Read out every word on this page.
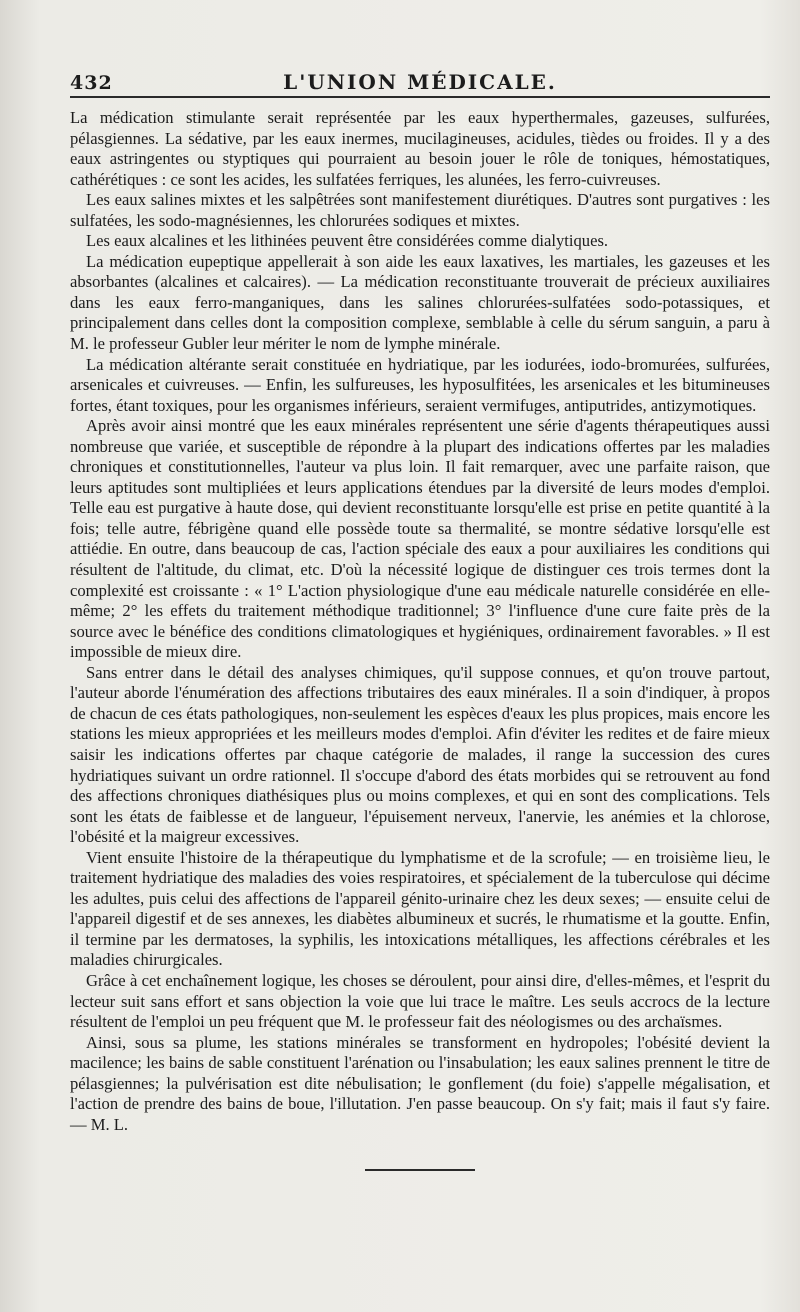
432	L'UNION MÉDICALE.

La médication stimulante serait représentée par les eaux hyperthermales, gazeuses, sulfurées, pélasgiennes. La sédative, par les eaux inermes, mucilagineuses, acidules, tièdes ou froides. Il y a des eaux astringentes ou styptiques qui pourraient au besoin jouer le rôle de toniques, hémostatiques, cathérétiques : ce sont les acides, les sulfatées ferriques, les alunées, les ferro-cuivreuses.

Les eaux salines mixtes et les salpêtrées sont manifestement diurétiques. D'autres sont purgatives : les sulfatées, les sodo-magnésiennes, les chlorurées sodiques et mixtes.

Les eaux alcalines et les lithinées peuvent être considérées comme dialytiques.

La médication eupeptique appellerait à son aide les eaux laxatives, les martiales, les gazeuses et les absorbantes (alcalines et calcaires). — La médication reconstituante trouverait de précieux auxiliaires dans les eaux ferro-manganiques, dans les salines chlorurées-sulfatées sodo-potassiques, et principalement dans celles dont la composition complexe, semblable à celle du sérum sanguin, a paru à M. le professeur Gubler leur mériter le nom de lymphe minérale.

La médication altérante serait constituée en hydriatique, par les iodurées, iodo-bromurées, sulfurées, arsenicales et cuivreuses. — Enfin, les sulfureuses, les hyposulfitées, les arsenicales et les bitumineuses fortes, étant toxiques, pour les organismes inférieurs, seraient vermifuges, antiputrides, antizymotiques.

Après avoir ainsi montré que les eaux minérales représentent une série d'agents thérapeutiques aussi nombreuse que variée, et susceptible de répondre à la plupart des indications offertes par les maladies chroniques et constitutionnelles, l'auteur va plus loin. Il fait remarquer, avec une parfaite raison, que leurs aptitudes sont multipliées et leurs applications étendues par la diversité de leurs modes d'emploi. Telle eau est purgative à haute dose, qui devient reconstituante lorsqu'elle est prise en petite quantité à la fois; telle autre, fébrigène quand elle possède toute sa thermalité, se montre sédative lorsqu'elle est attiédie. En outre, dans beaucoup de cas, l'action spéciale des eaux a pour auxiliaires les conditions qui résultent de l'altitude, du climat, etc. D'où la nécessité logique de distinguer ces trois termes dont la complexité est croissante : « 1° L'action physiologique d'une eau médicale naturelle considérée en elle-même; 2° les effets du traitement méthodique traditionnel; 3° l'influence d'une cure faite près de la source avec le bénéfice des conditions climatologiques et hygiéniques, ordinairement favorables. » Il est impossible de mieux dire.

Sans entrer dans le détail des analyses chimiques, qu'il suppose connues, et qu'on trouve partout, l'auteur aborde l'énumération des affections tributaires des eaux minérales. Il a soin d'indiquer, à propos de chacun de ces états pathologiques, non-seulement les espèces d'eaux les plus propices, mais encore les stations les mieux appropriées et les meilleurs modes d'emploi. Afin d'éviter les redites et de faire mieux saisir les indications offertes par chaque catégorie de malades, il range la succession des cures hydriatiques suivant un ordre rationnel. Il s'occupe d'abord des états morbides qui se retrouvent au fond des affections chroniques diathésiques plus ou moins complexes, et qui en sont des complications. Tels sont les états de faiblesse et de langueur, l'épuisement nerveux, l'anervie, les anémies et la chlorose, l'obésité et la maigreur excessives.

Vient ensuite l'histoire de la thérapeutique du lymphatisme et de la scrofule; — en troisième lieu, le traitement hydriatique des maladies des voies respiratoires, et spécialement de la tuberculose qui décime les adultes, puis celui des affections de l'appareil génito-urinaire chez les deux sexes; — ensuite celui de l'appareil digestif et de ses annexes, les diabètes albumineux et sucrés, le rhumatisme et la goutte. Enfin, il termine par les dermatoses, la syphilis, les intoxications métalliques, les affections cérébrales et les maladies chirurgicales.

Grâce à cet enchaînement logique, les choses se déroulent, pour ainsi dire, d'elles-mêmes, et l'esprit du lecteur suit sans effort et sans objection la voie que lui trace le maître. Les seuls accrocs de la lecture résultent de l'emploi un peu fréquent que M. le professeur fait des néologismes ou des archaïsmes.

Ainsi, sous sa plume, les stations minérales se transforment en hydropoles; l'obésité devient la macilence; les bains de sable constituent l'arénation ou l'insabulation; les eaux salines prennent le titre de pélasgiennes; la pulvérisation est dite nébulisation; le gonflement (du foie) s'appelle mégalisation, et l'action de prendre des bains de boue, l'illutation. J'en passe beaucoup. On s'y fait; mais il faut s'y faire. — M. L.
